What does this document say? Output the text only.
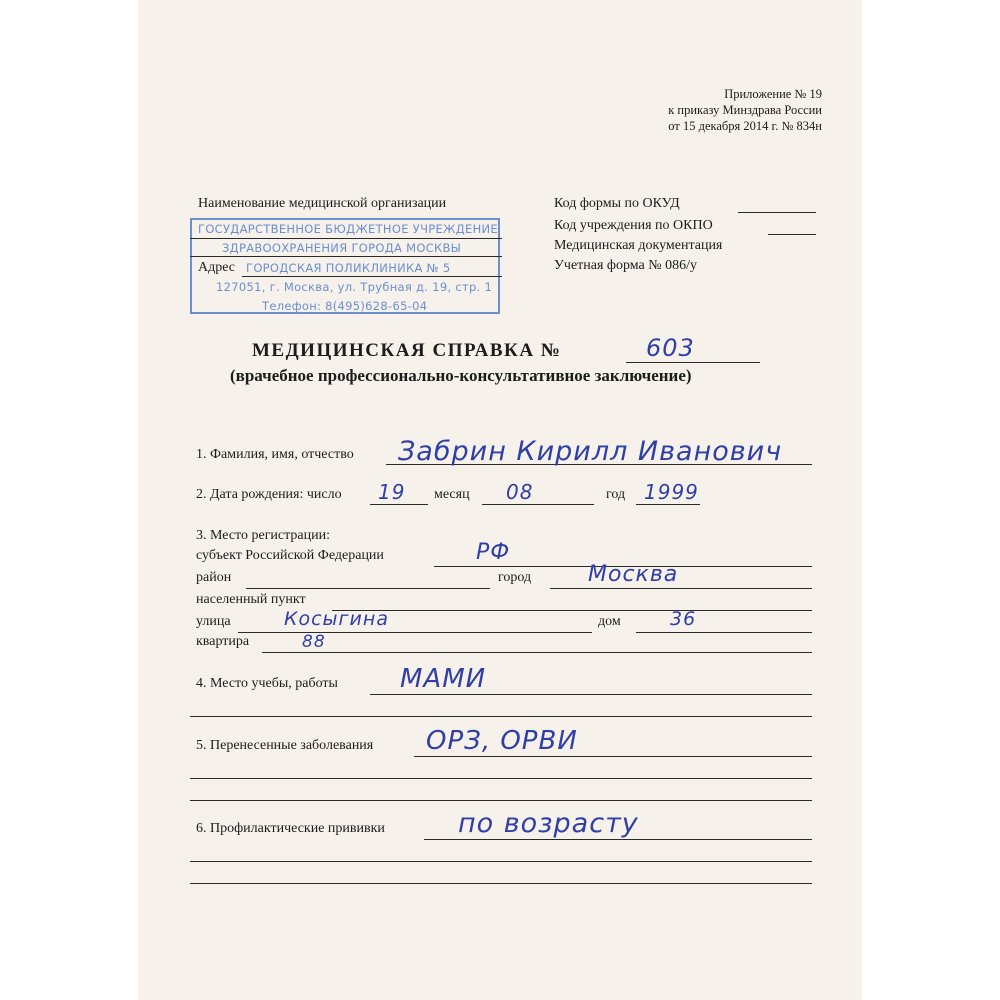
Приложение № 19
к приказу Минздрава России
от 15 декабря 2014 г. № 834н
Наименование медицинской организации
ГОСУДАРСТВЕННОЕ БЮДЖЕТНОЕ УЧРЕЖДЕНИЕ
ЗДРАВООХРАНЕНИЯ ГОРОДА МОСКВЫ
ГОРОДСКАЯ ПОЛИКЛИНИКА № 5
127051, г. Москва, ул. Трубная д. 19, стр. 1
Телефон: 8(495)628-65-04
Адрес
Код формы по ОКУД
Код учреждения по ОКПО
Медицинская документация
Учетная форма № 086/у
МЕДИЦИНСКАЯ СПРАВКА №	603
(врачебное профессионально-консультативное заключение)
1. Фамилия, имя, отчество Забрин Кирилл Иванович
2. Дата рождения: число 19 месяц 08	год 1999
3. Место регистрации:
субъект Российской Федерации	РФ
район	город	Москва
населенный пункт
улица	Косыгина	дом	36
квартира	88
4. Место учебы, работы МАМИ
5. Перенесенные заболевания ОРЗ, ОРВИ
6. Профилактические прививки	по возрасту
